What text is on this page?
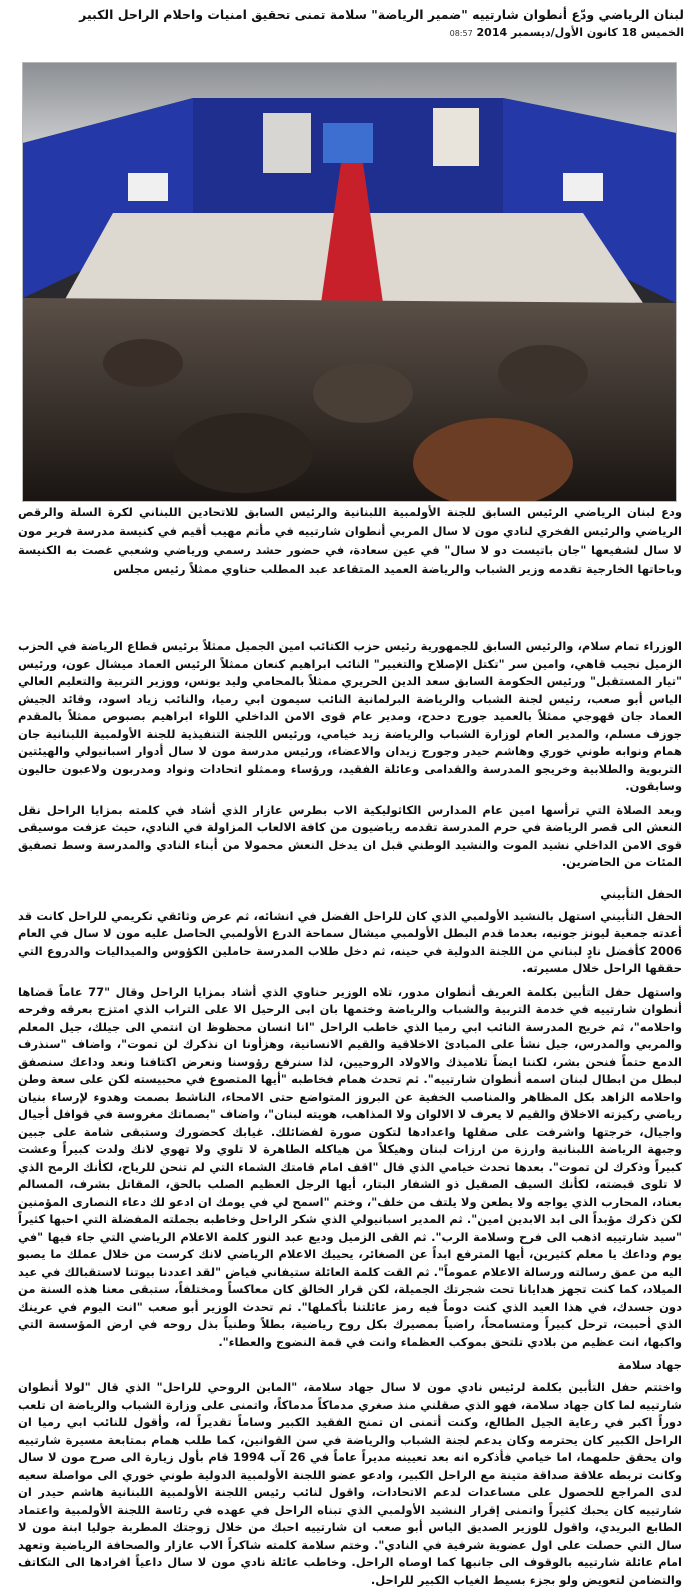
لبنان الرياضي ودّع أنطوان شارتييه "ضمير الرياضة" سلامة تمنى تحقيق امنيات واحلام الراحل الكبير

الخميس 18 كانون الأول/ديسمبر 2014 08:57

ودع لبنان الرياضي الرئيس السابق للجنة الأولمبية اللبنانية والرئيس السابق للاتحادين اللبناني لكرة السلة والرقص الرياضي والرئيس الفخري لنادي مون لا سال المربي أنطوان شارتييه في مأتم مهيب أقيم في كنيسة مدرسة فرير مون لا سال لشفيعها "جان باتيست دو لا سال" في عين سعادة، في حضور حشد رسمي ورياضي وشعبي غصت به الكنيسة وباحاتها الخارجية تقدمه وزير الشباب والرياضة العميد المتقاعد عبد المطلب حناوي ممثلاً رئيس مجلس

الوزراء تمام سلام، والرئيس السابق للجمهورية رئيس حزب الكتائب امين الجميل ممثلاً برئيس قطاع الرياضة في الحزب الزميل نجيب قاهي، وامين سر "تكتل الإصلاح والتغيير" النائب ابراهيم كنعان ممثلاً الرئيس العماد ميشال عون، ورئيس "تيار المستقبل" ورئيس الحكومة السابق سعد الدين الحريري ممثلاً بالمحامي وليد يونس، ووزير التربية والتعليم العالي الياس أبو صعب، رئيس لجنة الشباب والرياضة البرلمانية النائب سيمون ابي رميا، والنائب زياد اسود، وقائد الجيش العماد جان قهوجي ممثلاً بالعميد جورج دحدح، ومدير عام قوى الامن الداخلي اللواء ابراهيم بصبوص ممثلاً بالمقدم جوزف مسلم، والمدير العام لوزارة الشباب والرياضة زيد خيامي، ورئيس اللجنة التنفيذية للجنة الأولمبية اللبنانية جان همام ونوابه طوني خوري وهاشم حيدر وجورج زيدان والاعضاء، ورئيس مدرسة مون لا سال أدوار اسبانيولي والهيئتين التربوية والطلابية وخريجو المدرسة والقدامى وعائلة الفقيد، ورؤساء وممثلو اتحادات ونواد ومدربون ولاعبون حاليون وسابقون.

وبعد الصلاة التي ترأسها امين عام المدارس الكاثوليكية الاب بطرس عازار الذي أشاد في كلمته بمزايا الراحل نقل النعش الى قصر الرياضة في حرم المدرسة تقدمه رياضيون من كافة الالعاب المزاولة في النادي، حيث عزفت موسيقى قوى الامن الداخلي نشيد الموت والنشيد الوطني قبل ان يدخل النعش محمولا من أبناء النادي والمدرسة وسط تصفيق المئات من الحاضرين.

الحفل التأبيني

الحفل التأبيني استهل بالنشيد الأولمبي الذي كان للراحل الفضل في انشائه، ثم عرض وثائقي تكريمي للراحل كانت قد أعدته جمعية ليونز جونيه، بعدما قدم البطل الأولمبي ميشال سماحة الدرع الأولمبي الحاصل عليه مون لا سال في العام 2006 كأفضل نادٍ لبناني من اللجنة الدولية في حينه، ثم دخل طلاب المدرسة حاملين الكؤوس والميداليات والدروع التي حققها الراحل خلال مسيرته.

واستهل حفل التأبين بكلمة العريف أنطوان مدور، تلاه الوزير حناوي الذي أشاد بمزايا الراحل وقال "77 عاماً قضاها أنطوان شارتييه في خدمة التربية والشباب والرياضة وختمها بان ابى الرحيل الا على التراب الذي امتزج بعرقه وفرحه واحلامه"، ثم خريج المدرسة النائب ابي رميا الذي خاطب الراحل "انا انسان محظوظ ان انتمي الى جيلك، جيل المعلم والمربي والمدرس، جيل نشأ على المبادئ الاخلاقية والقيم الانسانية، وهزأونا ان نذكرك لن تموت"، واضاف "سنذرف الدمع حتماً فنحن بشر، لكننا ايضاً تلاميذك والاولاد الروحيين، لذا سنرفع رؤوسنا ونعرض اكتافنا ونعد وداعك سنصفق لبطل من ابطال لبنان اسمه أنطوان شارتييه". ثم تحدث همام فخاطبه "أيها المتصوع في محبيسته لكن على سعة وطن واحلامه الزاهد بكل المظاهر والمناصب الخفية عن البروز المتواضع حتى الامحاء، الناشط بصمت وهدوء لإرساء بنيان رياضي ركيزته الاخلاق والقيم لا يعرف لا الالوان ولا المذاهب، هويته لبنان"، واضاف "بصماتك مغروسة في قوافل أجيال واجيال، خرجتها واشرفت على صقلها واعدادها لتكون صورة لفضائلك. غيابك كحضورك وستبقى شامة على جبين وجبهة الرياضة اللبنانية وارزة من ارزات لبنان وهيكلاً من هياكله الطاهرة لا تلوي ولا تهوي لانك ولدت كبيراً وعشت كبيراً وذكرك لن تموت". بعدها تحدث خيامي الذي قال "اقف امام قامتك الشماء التي لم تنحن للرياح، لكأنك الرمح الذي لا تلوى قبضته، لكأنك السيف الصقيل ذو الشفار البتار، أيها الرجل العظيم الصلب بالحق، المقاتل بشرف، المسالم بعناد، المحارب الذي يواجه ولا يطعن ولا يلتف من خلف"، وختم "اسمح لي في يومك ان ادعو لك دعاء النصارى المؤمنين لكن ذكرك مؤبداً الى ابد الابدين امين". ثم المدير اسبانيولي الذي شكر الراحل وخاطبه بجملته المفضلة التي احبها كثيراً "سيد شارتييه اذهب الى فرح وسلامة الرب". ثم القى الزميل وديع عبد النور كلمة الاعلام الرياضي التي جاء فيها "في يوم وداعك يا معلم كثيرين، أيها المترفع ابداً عن الصغائر، يحييك الاعلام الرياضي لانك كرست من خلال عملك ما يصبو اليه من عمق رسالته ورسالة الاعلام عموماً". ثم القت كلمة العائلة ستيفاني فياض "لقد اعددنا بيوتنا لاستقبالك في عيد الميلاد، كما كنت تجهز هدايانا تحت شجرتك الجميلة، لكن قرار الخالق كان معاكساً ومختلفاً، ستبقى معنا هذه السنة من دون جسدك، في هذا العيد الذي كنت دوماً فيه رمز عائلتنا بأكملها". ثم تحدث الوزير أبو صعب "انت اليوم في عرينك الذي أحببت، ترحل كبيراً ومتسامحاً، راضياً بمصيرك بكل روح رياضية، بطلاً وطنياً بذل روحه في ارض المؤسسة التي واكبها، انت عظيم من بلادي تلتحق بموكب العظماء وانت في قمة النضوج والعطاء".

جهاد سلامة

واختتم حفل التأبين بكلمة لرئيس نادي مون لا سال جهاد سلامة، "المابن الروحي للراحل" الذي قال "لولا أنطوان شارتييه لما كان جهاد سلامة، فهو الذي صقلني منذ صغري مدماكاً مدماكاً، واتمنى على وزارة الشباب والرياضة ان تلعب دوراً اكبر في رعاية الجيل الطالع، وكنت أتمنى ان تمنح الفقيد الكبير وساماً تقديراً له، وأقول للنائب ابي رميا ان الراحل الكبير كان يحترمه وكان يدعم لجنة الشباب والرياضة في سن القوانين، كما طلب همام بمتابعة مسيرة شارتييه وان يحقق حلمهما، اما خيامي فأذكره انه بعد تعيينه مديراً عاماً في 26 آب 1994 قام بأول زيارة الى صرح مون لا سال وكانت تربطه علاقة صداقة متينة مع الراحل الكبير، وادعو عضو اللجنة الأولمبية الدولية طوني خوري الى مواصلة سعيه لدى المراجع للحصول على مساعدات لدعم الاتحادات، واقول لنائب رئيس اللجنة الأولمبية اللبنانية هاشم حيدر ان شارتييه كان يحبك كثيراً واتمنى إقرار النشيد الأولمبي الذي تبناه الراحل في عهده في رئاسة اللجنة الأولمبية واعتماد الطابع البريدي، واقول للوزير الصديق الياس أبو صعب ان شارتييه احبك من خلال زوجتك المطربة جوليا ابنة مون لا سال التي حصلت على اول عضوية شرفية في النادي". وختم سلامة كلمته شاكراً الاب عازار والصحافة الرياضية وتعهد امام عائلة شارتييه بالوقوف الى جانبها كما اوصاه الراحل. وخاطب عائلة نادي مون لا سال داعياً افرادها الى التكاتف والتضامن لتعويض ولو بجزء بسيط الغياب الكبير للراحل.
